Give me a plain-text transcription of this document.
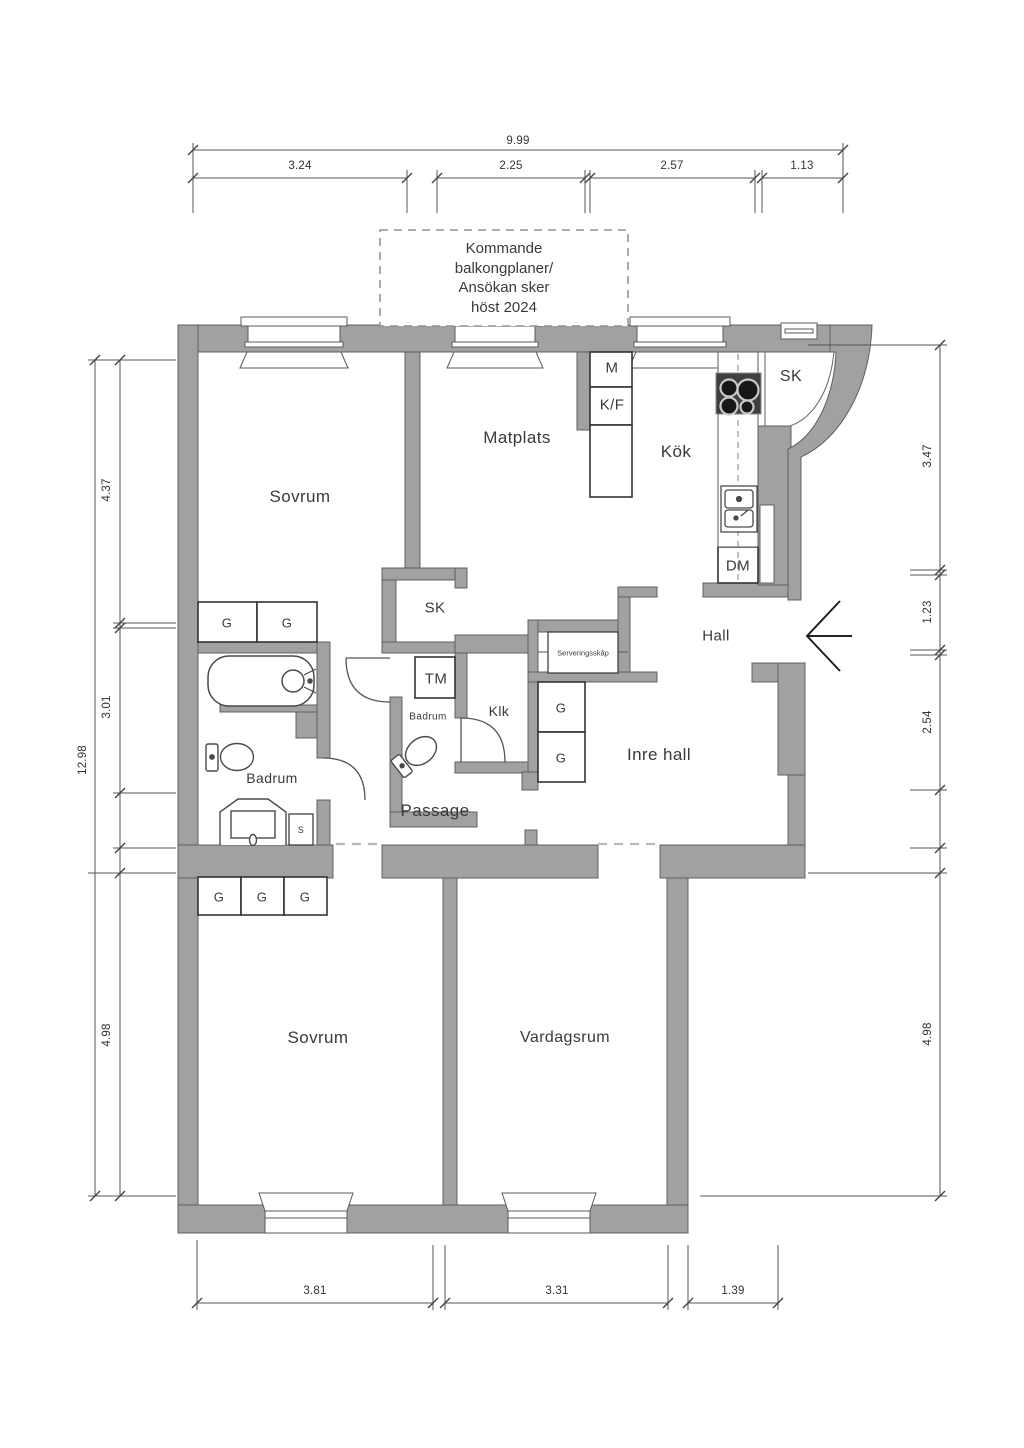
Kommande
balkongplaner/
Ansökan sker
höst 2024
9.99
3.24	2.25	2.57	1.13
12.98
4.37
3.01
4.98
3.47
1.23
2.54
4.98
3.81	3.31	1.39
Sovrum
Matplats
Kök
Hall
Inre hall
Badrum
Badrum	Klk
Passage
Sovrum	Vardagsrum
SK
SK
M
K/F
TM
DM
S
Serveringsskåp
G	G
G G G
G
G
